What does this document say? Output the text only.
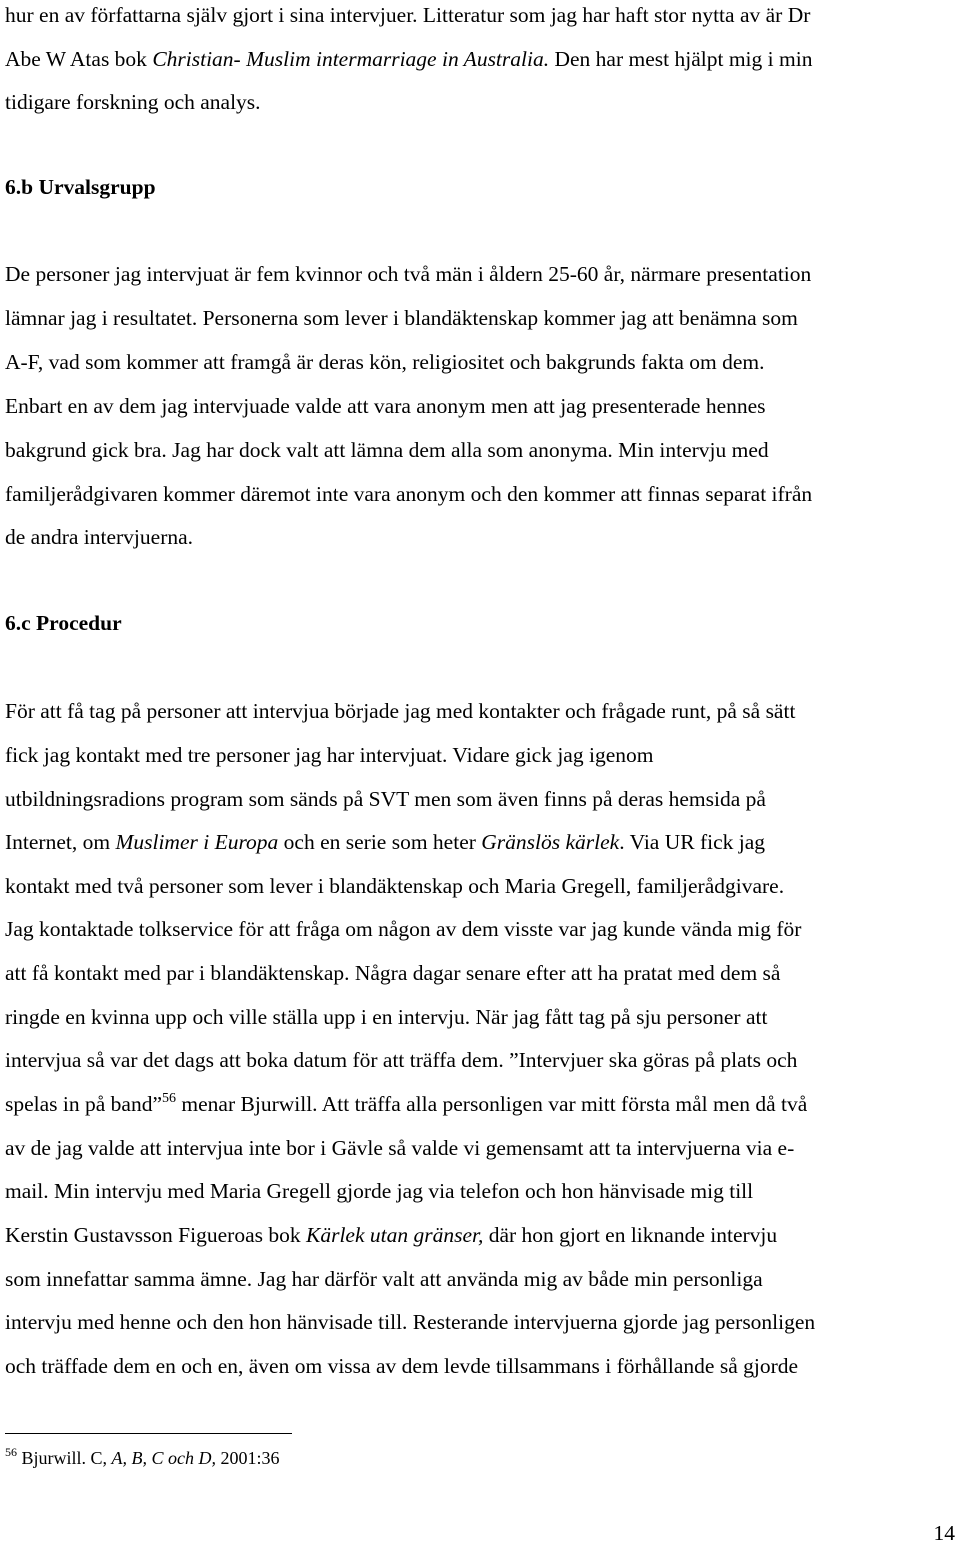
hur en av författarna själv gjort i sina intervjuer. Litteratur som jag har haft stor nytta av är Dr
Abe W Atas bok Christian- Muslim intermarriage in Australia. Den har mest hjälpt mig i min
tidigare forskning och analys.
6.b Urvalsgrupp
De personer jag intervjuat är fem kvinnor och två män i åldern 25-60 år, närmare presentation
lämnar jag i resultatet. Personerna som lever i blandäktenskap kommer jag att benämna som
A-F, vad som kommer att framgå är deras kön, religiositet och bakgrunds fakta om dem.
Enbart en av dem jag intervjuade valde att vara anonym men att jag presenterade hennes
bakgrund gick bra. Jag har dock valt att lämna dem alla som anonyma. Min intervju med
familjerådgivaren kommer däremot inte vara anonym och den kommer att finnas separat ifrån
de andra intervjuerna.
6.c Procedur
För att få tag på personer att intervjua började jag med kontakter och frågade runt, på så sätt
fick jag kontakt med tre personer jag har intervjuat. Vidare gick jag igenom
utbildningsradions program som sänds på SVT men som även finns på deras hemsida på
Internet, om Muslimer i Europa och en serie som heter Gränslös kärlek. Via UR fick jag
kontakt med två personer som lever i blandäktenskap och Maria Gregell, familjerådgivare.
Jag kontaktade tolkservice för att fråga om någon av dem visste var jag kunde vända mig för
att få kontakt med par i blandäktenskap. Några dagar senare efter att ha pratat med dem så
ringde en kvinna upp och ville ställa upp i en intervju. När jag fått tag på sju personer att
intervjua så var det dags att boka datum för att träffa dem. ”Intervjuer ska göras på plats och
spelas in på band”$^{56}$ menar Bjurwill. Att träffa alla personligen var mitt första mål men då två
av de jag valde att intervjua inte bor i Gävle så valde vi gemensamt att ta intervjuerna via e-
mail. Min intervju med Maria Gregell gjorde jag via telefon och hon hänvisade mig till
Kerstin Gustavsson Figueroas bok Kärlek utan gränser, där hon gjort en liknande intervju
som innefattar samma ämne. Jag har därför valt att använda mig av både min personliga
intervju med henne och den hon hänvisade till. Resterande intervjuerna gjorde jag personligen
och träffade dem en och en, även om vissa av dem levde tillsammans i förhållande så gjorde
$^{56}$ Bjurwill. C, A, B, C och D, 2001:36
14
